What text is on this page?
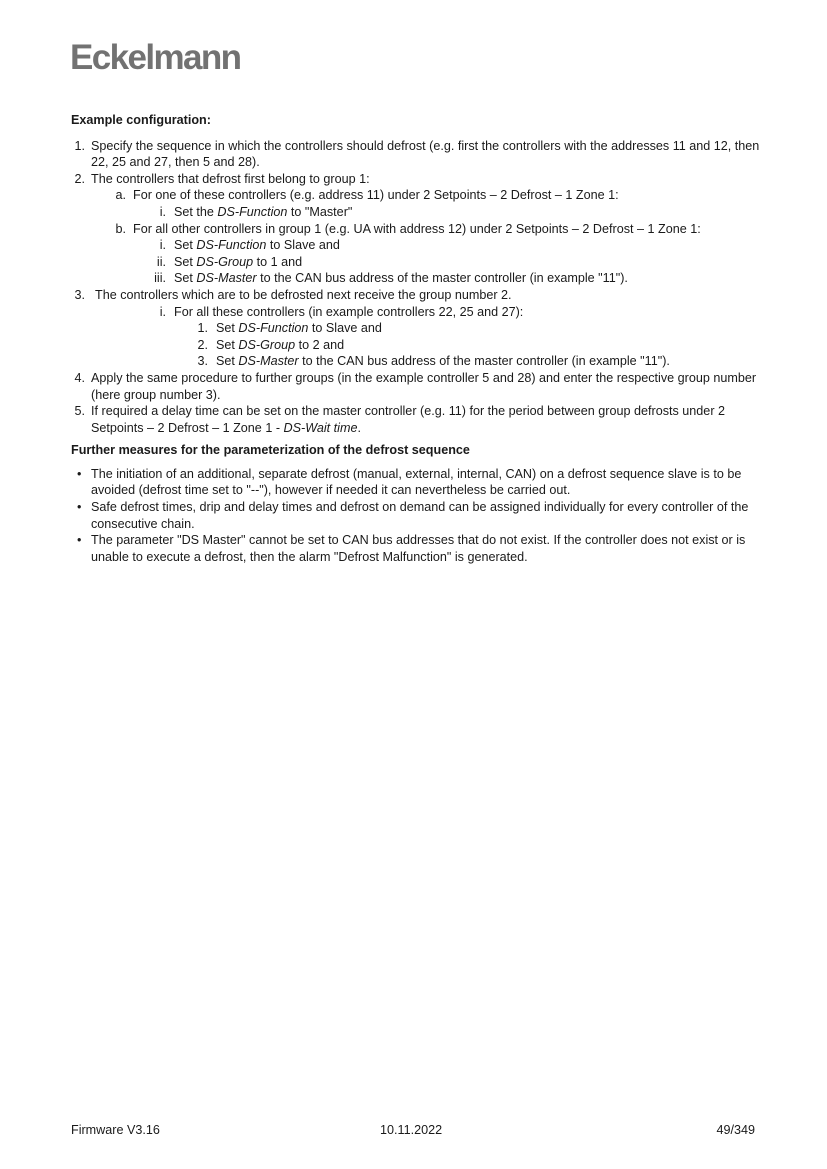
Eckelmann

Example configuration:

1. Specify the sequence in which the controllers should defrost (e.g. first the controllers with the addresses 11 and 12, then 22, 25 and 27, then 5 and 28).
2. The controllers that defrost first belong to group 1:
a. For one of these controllers (e.g. address 11) under 2 Setpoints – 2 Defrost – 1 Zone 1:
i. Set the DS-Function to "Master"
b. For all other controllers in group 1 (e.g. UA with address 12) under 2 Setpoints – 2 Defrost – 1 Zone 1:
i. Set DS-Function to Slave and
ii. Set DS-Group to 1 and
iii. Set DS-Master to the CAN bus address of the master controller (in example "11").
3. The controllers which are to be defrosted next receive the group number 2.
i. For all these controllers (in example controllers 22, 25 and 27):
1. Set DS-Function to Slave and
2. Set DS-Group to 2 and
3. Set DS-Master to the CAN bus address of the master controller (in example "11").
4. Apply the same procedure to further groups (in the example controller 5 and 28) and enter the respective group number (here group number 3).
5. If required a delay time can be set on the master controller (e.g. 11) for the period between group defrosts under 2 Setpoints – 2 Defrost – 1 Zone 1 - DS-Wait time.

Further measures for the parameterization of the defrost sequence

• The initiation of an additional, separate defrost (manual, external, internal, CAN) on a defrost sequence slave is to be avoided (defrost time set to "--"), however if needed it can nevertheless be carried out.
• Safe defrost times, drip and delay times and defrost on demand can be assigned individually for every controller of the consecutive chain.
• The parameter "DS Master" cannot be set to CAN bus addresses that do not exist. If the controller does not exist or is unable to execute a defrost, then the alarm "Defrost Malfunction" is generated.
Firmware V3.16	10.11.2022	49/349
